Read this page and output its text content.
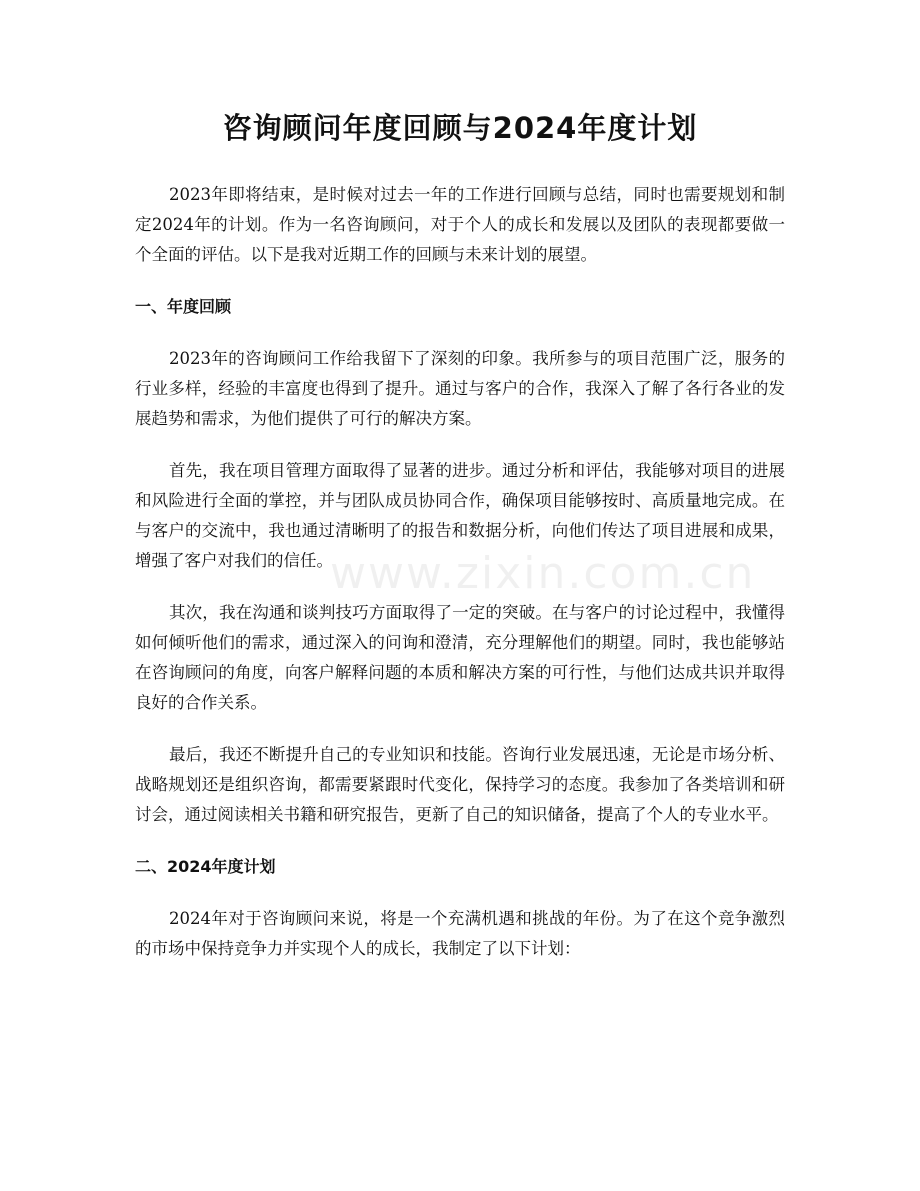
咨询顾问年度回顾与2024年度计划

2023年即将结束，是时候对过去一年的工作进行回顾与总结，同时也需要规划和制定2024年的计划。作为一名咨询顾问，对于个人的成长和发展以及团队的表现都要做一个全面的评估。以下是我对近期工作的回顾与未来计划的展望。

一、年度回顾

2023年的咨询顾问工作给我留下了深刻的印象。我所参与的项目范围广泛，服务的行业多样，经验的丰富度也得到了提升。通过与客户的合作，我深入了解了各行各业的发展趋势和需求，为他们提供了可行的解决方案。

首先，我在项目管理方面取得了显著的进步。通过分析和评估，我能够对项目的进展和风险进行全面的掌控，并与团队成员协同合作，确保项目能够按时、高质量地完成。在与客户的交流中，我也通过清晰明了的报告和数据分析，向他们传达了项目进展和成果，增强了客户对我们的信任。

其次，我在沟通和谈判技巧方面取得了一定的突破。在与客户的讨论过程中，我懂得如何倾听他们的需求，通过深入的问询和澄清，充分理解他们的期望。同时，我也能够站在咨询顾问的角度，向客户解释问题的本质和解决方案的可行性，与他们达成共识并取得良好的合作关系。

最后，我还不断提升自己的专业知识和技能。咨询行业发展迅速，无论是市场分析、战略规划还是组织咨询，都需要紧跟时代变化，保持学习的态度。我参加了各类培训和研讨会，通过阅读相关书籍和研究报告，更新了自己的知识储备，提高了个人的专业水平。

二、2024年度计划

2024年对于咨询顾问来说，将是一个充满机遇和挑战的年份。为了在这个竞争激烈的市场中保持竞争力并实现个人的成长，我制定了以下计划：

www.zixin.com.cn
